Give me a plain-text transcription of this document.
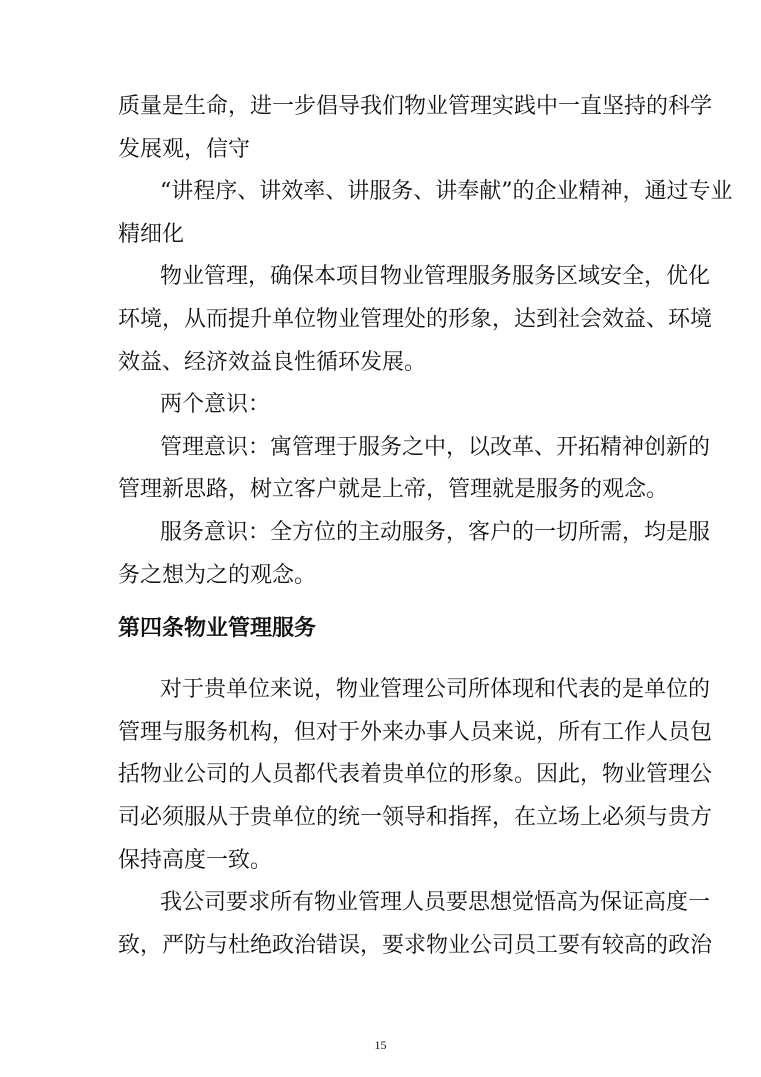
质量是生命，进一步倡导我们物业管理实践中一直坚持的科学
发展观，信守
“讲程序、讲效率、讲服务、讲奉献”的企业精神，通过专业
精细化
物业管理，确保本项目物业管理服务服务区域安全，优化
环境，从而提升单位物业管理处的形象，达到社会效益、环境
效益、经济效益良性循环发展。
两个意识：
管理意识：寓管理于服务之中，以改革、开拓精神创新的
管理新思路，树立客户就是上帝，管理就是服务的观念。
服务意识：全方位的主动服务，客户的一切所需，均是服
务之想为之的观念。
第四条物业管理服务
对于贵单位来说，物业管理公司所体现和代表的是单位的
管理与服务机构，但对于外来办事人员来说，所有工作人员包
括物业公司的人员都代表着贵单位的形象。因此，物业管理公
司必须服从于贵单位的统一领导和指挥，在立场上必须与贵方
保持高度一致。
我公司要求所有物业管理人员要思想觉悟高为保证高度一
致，严防与杜绝政治错误，要求物业公司员工要有较高的政治
15
